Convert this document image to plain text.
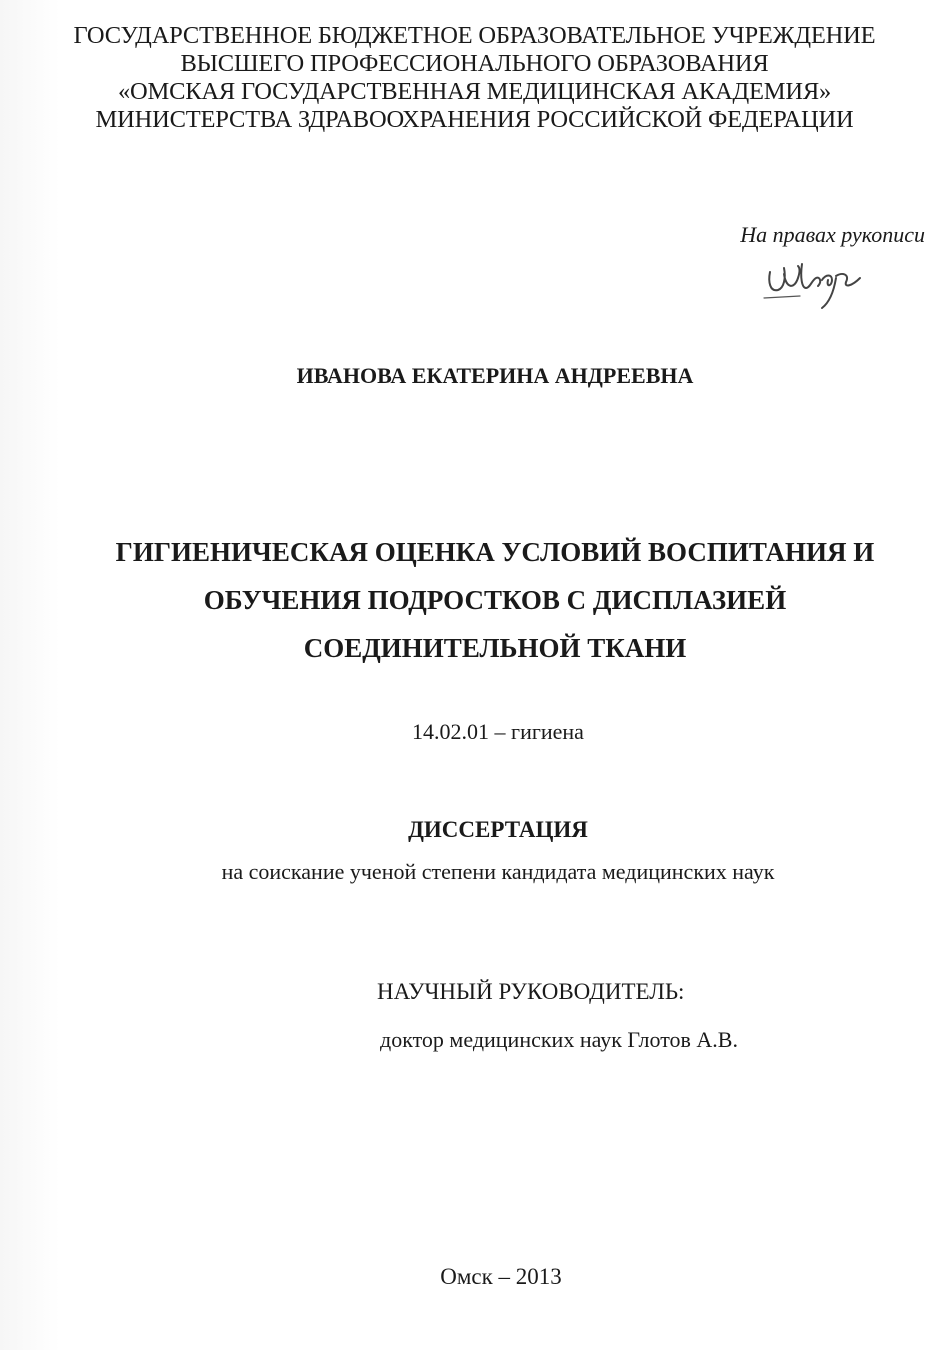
ГОСУДАРСТВЕННОЕ БЮДЖЕТНОЕ ОБРАЗОВАТЕЛЬНОЕ УЧРЕЖДЕНИЕ
ВЫСШЕГО ПРОФЕССИОНАЛЬНОГО ОБРАЗОВАНИЯ
«ОМСКАЯ ГОСУДАРСТВЕННАЯ МЕДИЦИНСКАЯ АКАДЕМИЯ»
МИНИСТЕРСТВА ЗДРАВООХРАНЕНИЯ РОССИЙСКОЙ ФЕДЕРАЦИИ
На правах рукописи
ИВАНОВА ЕКАТЕРИНА АНДРЕЕВНА
ГИГИЕНИЧЕСКАЯ ОЦЕНКА УСЛОВИЙ ВОСПИТАНИЯ И
ОБУЧЕНИЯ ПОДРОСТКОВ С ДИСПЛАЗИЕЙ
СОЕДИНИТЕЛЬНОЙ ТКАНИ
14.02.01 – гигиена
ДИССЕРТАЦИЯ
на соискание ученой степени кандидата медицинских наук
НАУЧНЫЙ РУКОВОДИТЕЛЬ:
доктор медицинских наук Глотов А.В.
Омск – 2013
